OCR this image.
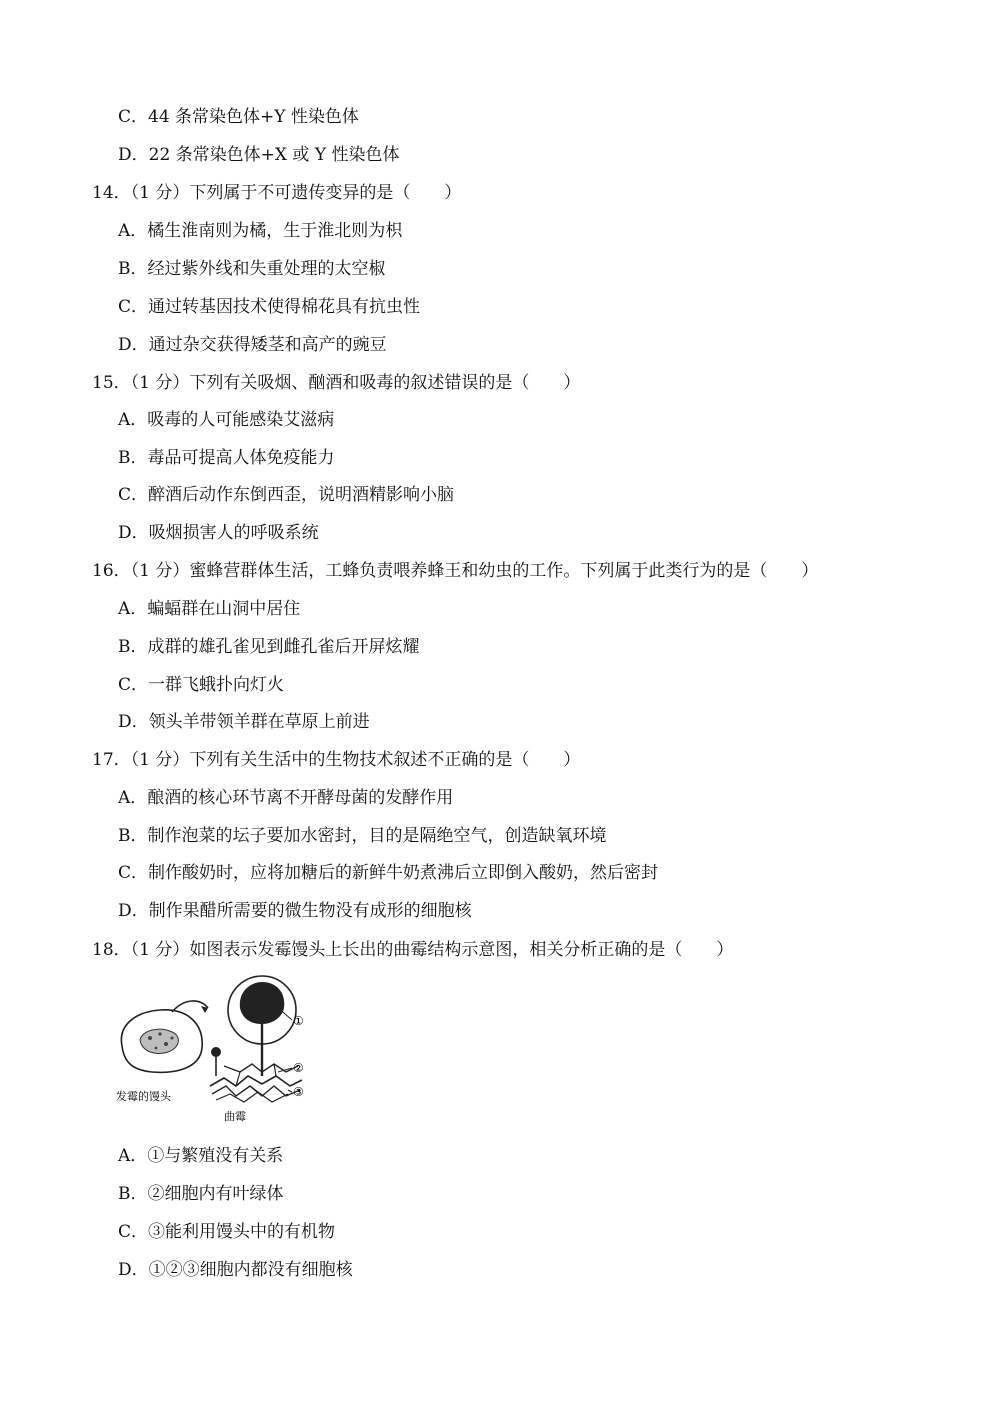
C．44 条常染色体+Y 性染色体
D．22 条常染色体+X 或 Y 性染色体
14．（1 分）下列属于不可遗传变异的是（　　）
A．橘生淮南则为橘，生于淮北则为枳
B．经过紫外线和失重处理的太空椒
C．通过转基因技术使得棉花具有抗虫性
D．通过杂交获得矮茎和高产的豌豆
15．（1 分）下列有关吸烟、酗酒和吸毒的叙述错误的是（　　）
A．吸毒的人可能感染艾滋病
B．毒品可提高人体免疫能力
C．醉酒后动作东倒西歪，说明酒精影响小脑
D．吸烟损害人的呼吸系统
16．（1 分）蜜蜂营群体生活，工蜂负责喂养蜂王和幼虫的工作。下列属于此类行为的是（　　）
A．蝙蝠群在山洞中居住
B．成群的雄孔雀见到雌孔雀后开屏炫耀
C．一群飞蛾扑向灯火
D．领头羊带领羊群在草原上前进
17．（1 分）下列有关生活中的生物技术叙述不正确的是（　　）
A．酿酒的核心环节离不开酵母菌的发酵作用
B．制作泡菜的坛子要加水密封，目的是隔绝空气，创造缺氧环境
C．制作酸奶时，应将加糖后的新鲜牛奶煮沸后立即倒入酸奶，然后密封
D．制作果醋所需要的微生物没有成形的细胞核
18．（1 分）如图表示发霉馒头上长出的曲霉结构示意图，相关分析正确的是（　　）
①
②
③
发霉的馒头
曲霉
A．①与繁殖没有关系
B．②细胞内有叶绿体
C．③能利用馒头中的有机物
D．①②③细胞内都没有细胞核
